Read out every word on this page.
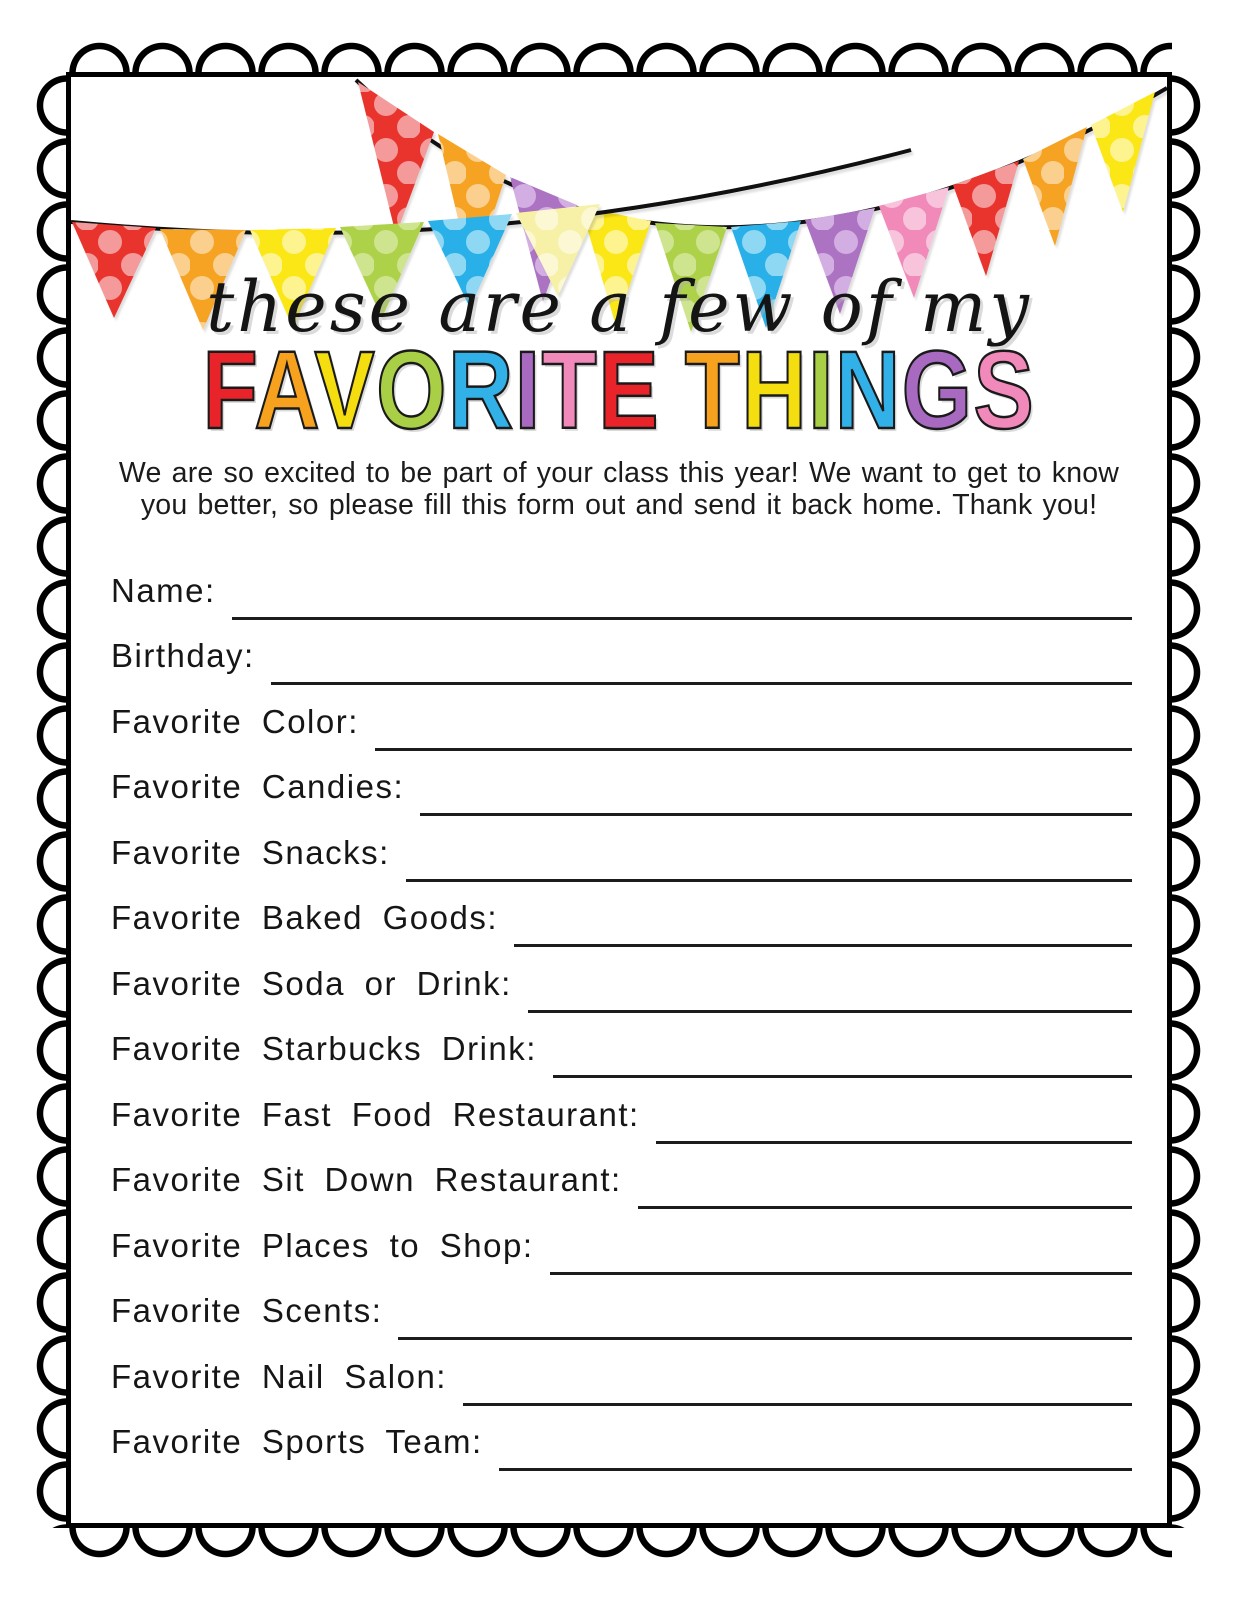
these are a few of my
FAVORITE THINGS
We are so excited to be part of your class this year! We want to get to know
you better, so please fill this form out and send it back home. Thank you!
Name:
Birthday:
Favorite Color:
Favorite Candies:
Favorite Snacks:
Favorite Baked Goods:
Favorite Soda or Drink:
Favorite Starbucks Drink:
Favorite Fast Food Restaurant:
Favorite Sit Down Restaurant:
Favorite Places to Shop:
Favorite Scents:
Favorite Nail Salon:
Favorite Sports Team:
